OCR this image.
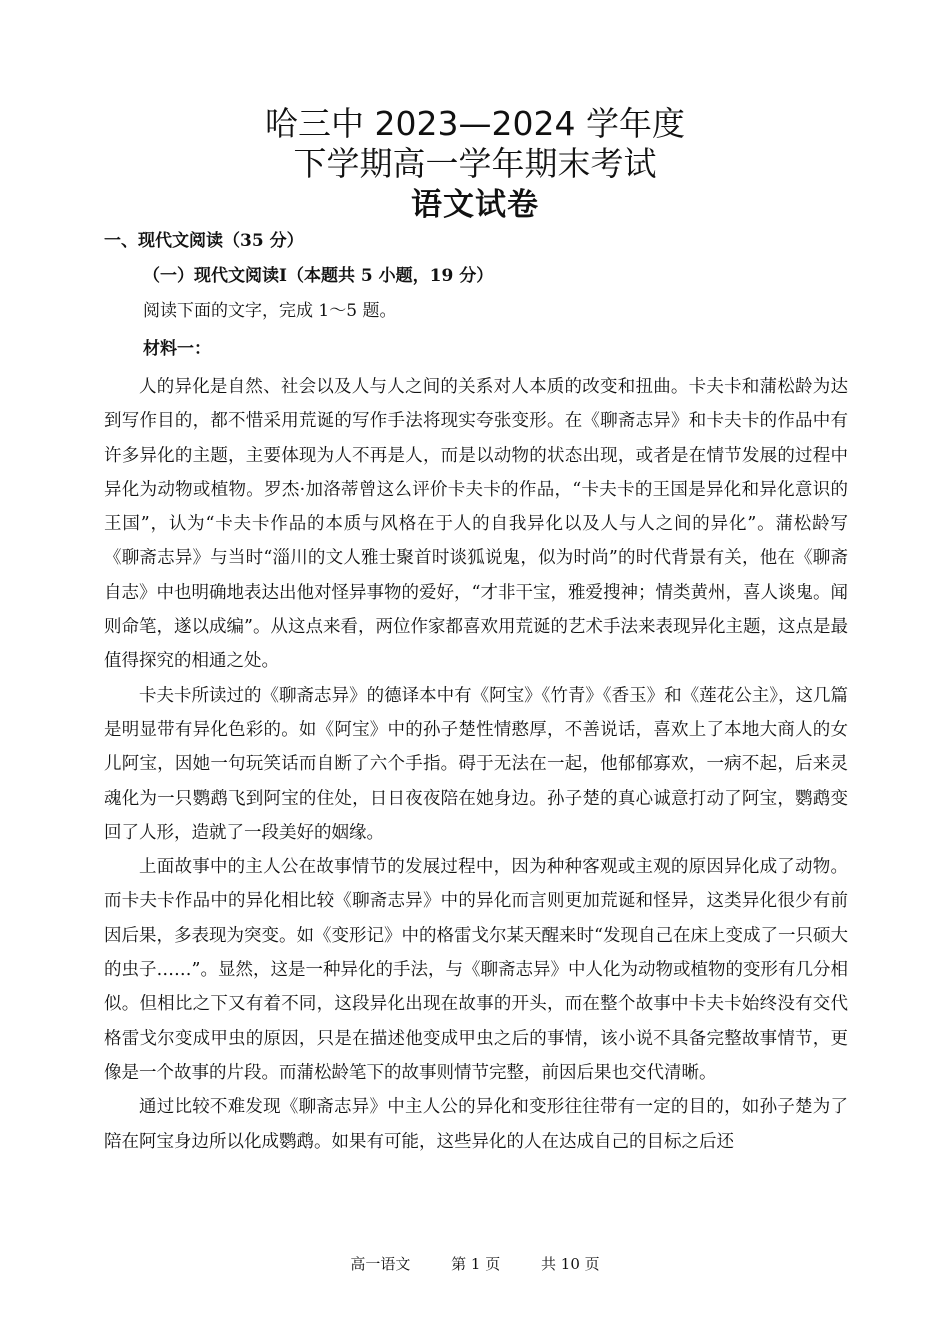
哈三中 2023—2024 学年度
下学期高一学年期末考试
语文试卷
一、现代文阅读（35 分）
（一）现代文阅读Ⅰ（本题共 5 小题，19 分）
阅读下面的文字，完成 1～5 题。
材料一：

人的异化是自然、社会以及人与人之间的关系对人本质的改变和扭曲。卡夫卡和蒲松龄为达到写作目的，都不惜采用荒诞的写作手法将现实夸张变形。在《聊斋志异》和卡夫卡的作品中有许多异化的主题，主要体现为人不再是人，而是以动物的状态出现，或者是在情节发展的过程中异化为动物或植物。罗杰·加洛蒂曾这么评价卡夫卡的作品，“卡夫卡的王国是异化和异化意识的王国”，认为“卡夫卡作品的本质与风格在于人的自我异化以及人与人之间的异化”。蒲松龄写《聊斋志异》与当时“淄川的文人雅士聚首时谈狐说鬼，似为时尚”的时代背景有关，他在《聊斋自志》中也明确地表达出他对怪异事物的爱好，“才非干宝，雅爱搜神；情类黄州，喜人谈鬼。闻则命笔，遂以成编”。从这点来看，两位作家都喜欢用荒诞的艺术手法来表现异化主题，这点是最值得探究的相通之处。

卡夫卡所读过的《聊斋志异》的德译本中有《阿宝》《竹青》《香玉》和《莲花公主》，这几篇是明显带有异化色彩的。如《阿宝》中的孙子楚性情憨厚，不善说话，喜欢上了本地大商人的女儿阿宝，因她一句玩笑话而自断了六个手指。碍于无法在一起，他郁郁寡欢，一病不起，后来灵魂化为一只鹦鹉飞到阿宝的住处，日日夜夜陪在她身边。孙子楚的真心诚意打动了阿宝，鹦鹉变回了人形，造就了一段美好的姻缘。

上面故事中的主人公在故事情节的发展过程中，因为种种客观或主观的原因异化成了动物。而卡夫卡作品中的异化相比较《聊斋志异》中的异化而言则更加荒诞和怪异，这类异化很少有前因后果，多表现为突变。如《变形记》中的格雷戈尔某天醒来时“发现自己在床上变成了一只硕大的虫子……”。显然，这是一种异化的手法，与《聊斋志异》中人化为动物或植物的变形有几分相似。但相比之下又有着不同，这段异化出现在故事的开头，而在整个故事中卡夫卡始终没有交代格雷戈尔变成甲虫的原因，只是在描述他变成甲虫之后的事情，该小说不具备完整故事情节，更像是一个故事的片段。而蒲松龄笔下的故事则情节完整，前因后果也交代清晰。

通过比较不难发现《聊斋志异》中主人公的异化和变形往往带有一定的目的，如孙子楚为了陪在阿宝身边所以化成鹦鹉。如果有可能，这些异化的人在达成自己的目标之后还

高一语文	第 1 页	共 10 页
